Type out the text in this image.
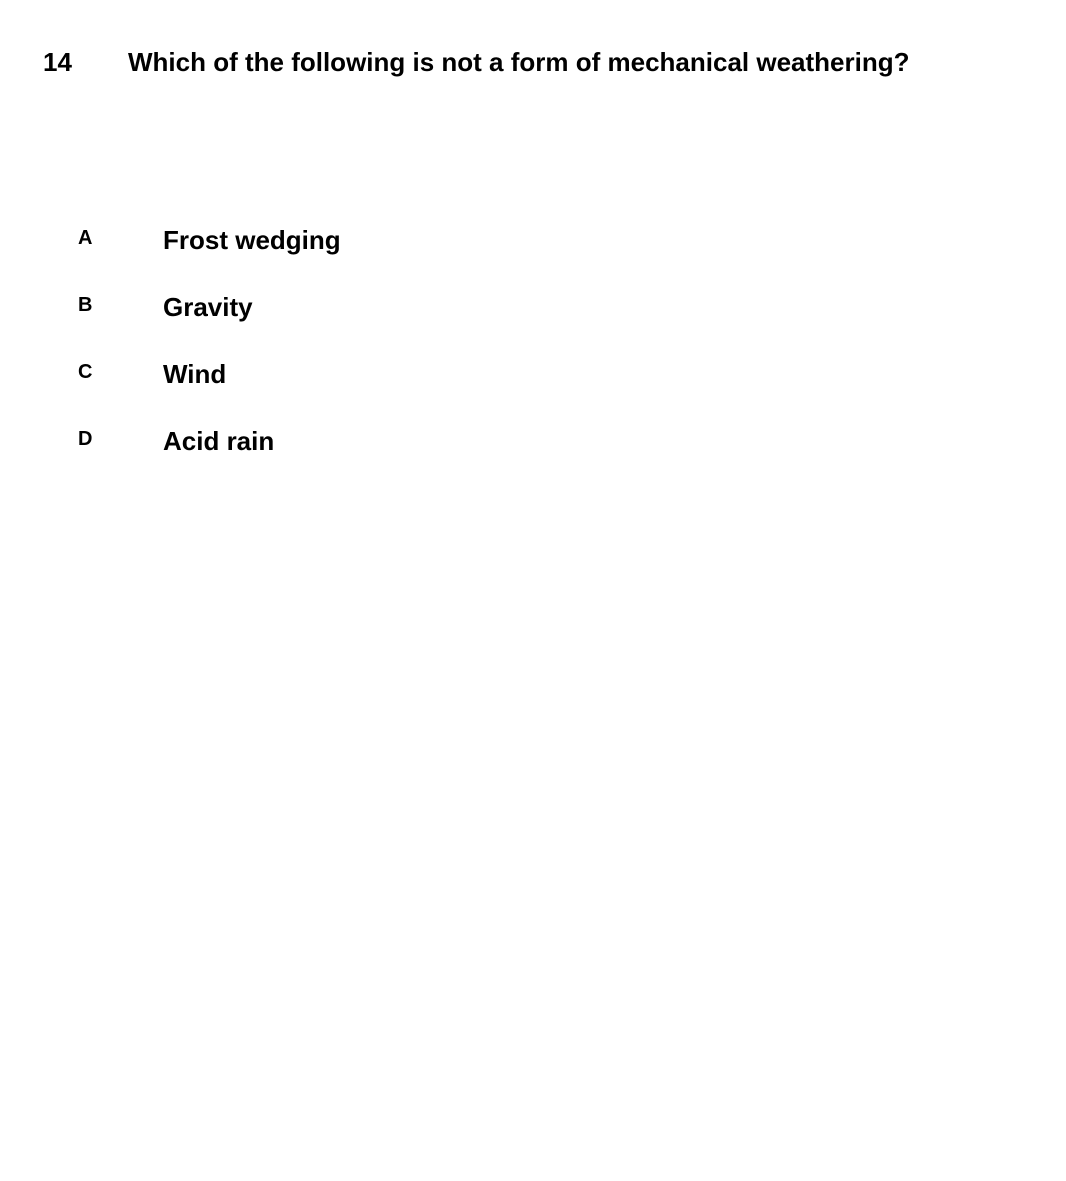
14 Which of the following is not a form of mechanical weathering?
A	Frost wedging
B	Gravity
C	Wind
D	Acid rain
